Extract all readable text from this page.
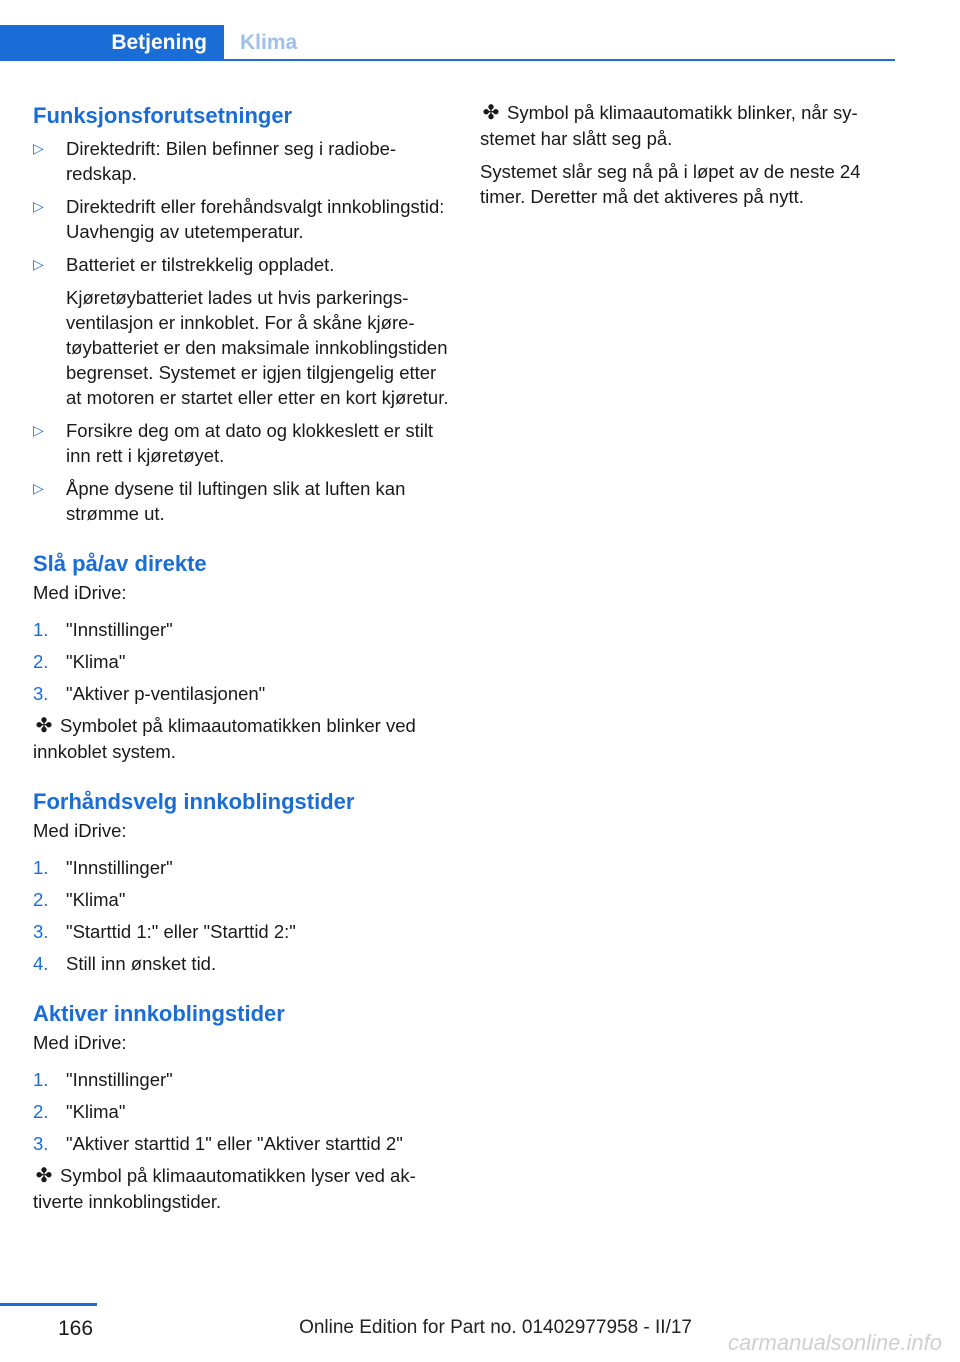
Betjening	Klima
Funksjonsforutsetninger
▷ Direktedrift: Bilen befinner seg i radioberedskap.
▷ Direktedrift eller forehåndsvalgt innkoblingstid: Uavhengig av utetemperatur.
▷ Batteriet er tilstrekkelig oppladet.
Kjøretøybatteriet lades ut hvis parkeringsventilasjon er innkoblet. For å skåne kjøretøybatteriet er den maksimale innkoblingstiden begrenset. Systemet er igjen tilgjengelig etter at motoren er startet eller etter en kort kjøretur.
▷ Forsikre deg om at dato og klokkeslett er stilt inn rett i kjøretøyet.
▷ Åpne dysene til luftingen slik at luften kan strømme ut.
Slå på/av direkte

Med iDrive:

1. "Innstillinger"
2. "Klima"
3. "Aktiver p-ventilasjonen"

✤ Symbolet på klimaautomatikken blinker ved innkoblet system.

Forhåndsvelg innkoblingstider

Med iDrive:

1. "Innstillinger"
2. "Klima"
3. "Starttid 1:" eller "Starttid 2:"
4. Still inn ønsket tid.
Aktiver innkoblingstider

Med iDrive:

1. "Innstillinger"
2. "Klima"
3. "Aktiver starttid 1" eller "Aktiver starttid 2"

✤ Symbol på klimaautomatikken lyser ved aktiverte innkoblingstider.

✤ Symbol på klimaautomatikk blinker, når systemet har slått seg på.

Systemet slår seg nå på i løpet av de neste 24 timer. Deretter må det aktiveres på nytt.

166	Online Edition for Part no. 01402977958 - II/17
carmanualsonline.info
